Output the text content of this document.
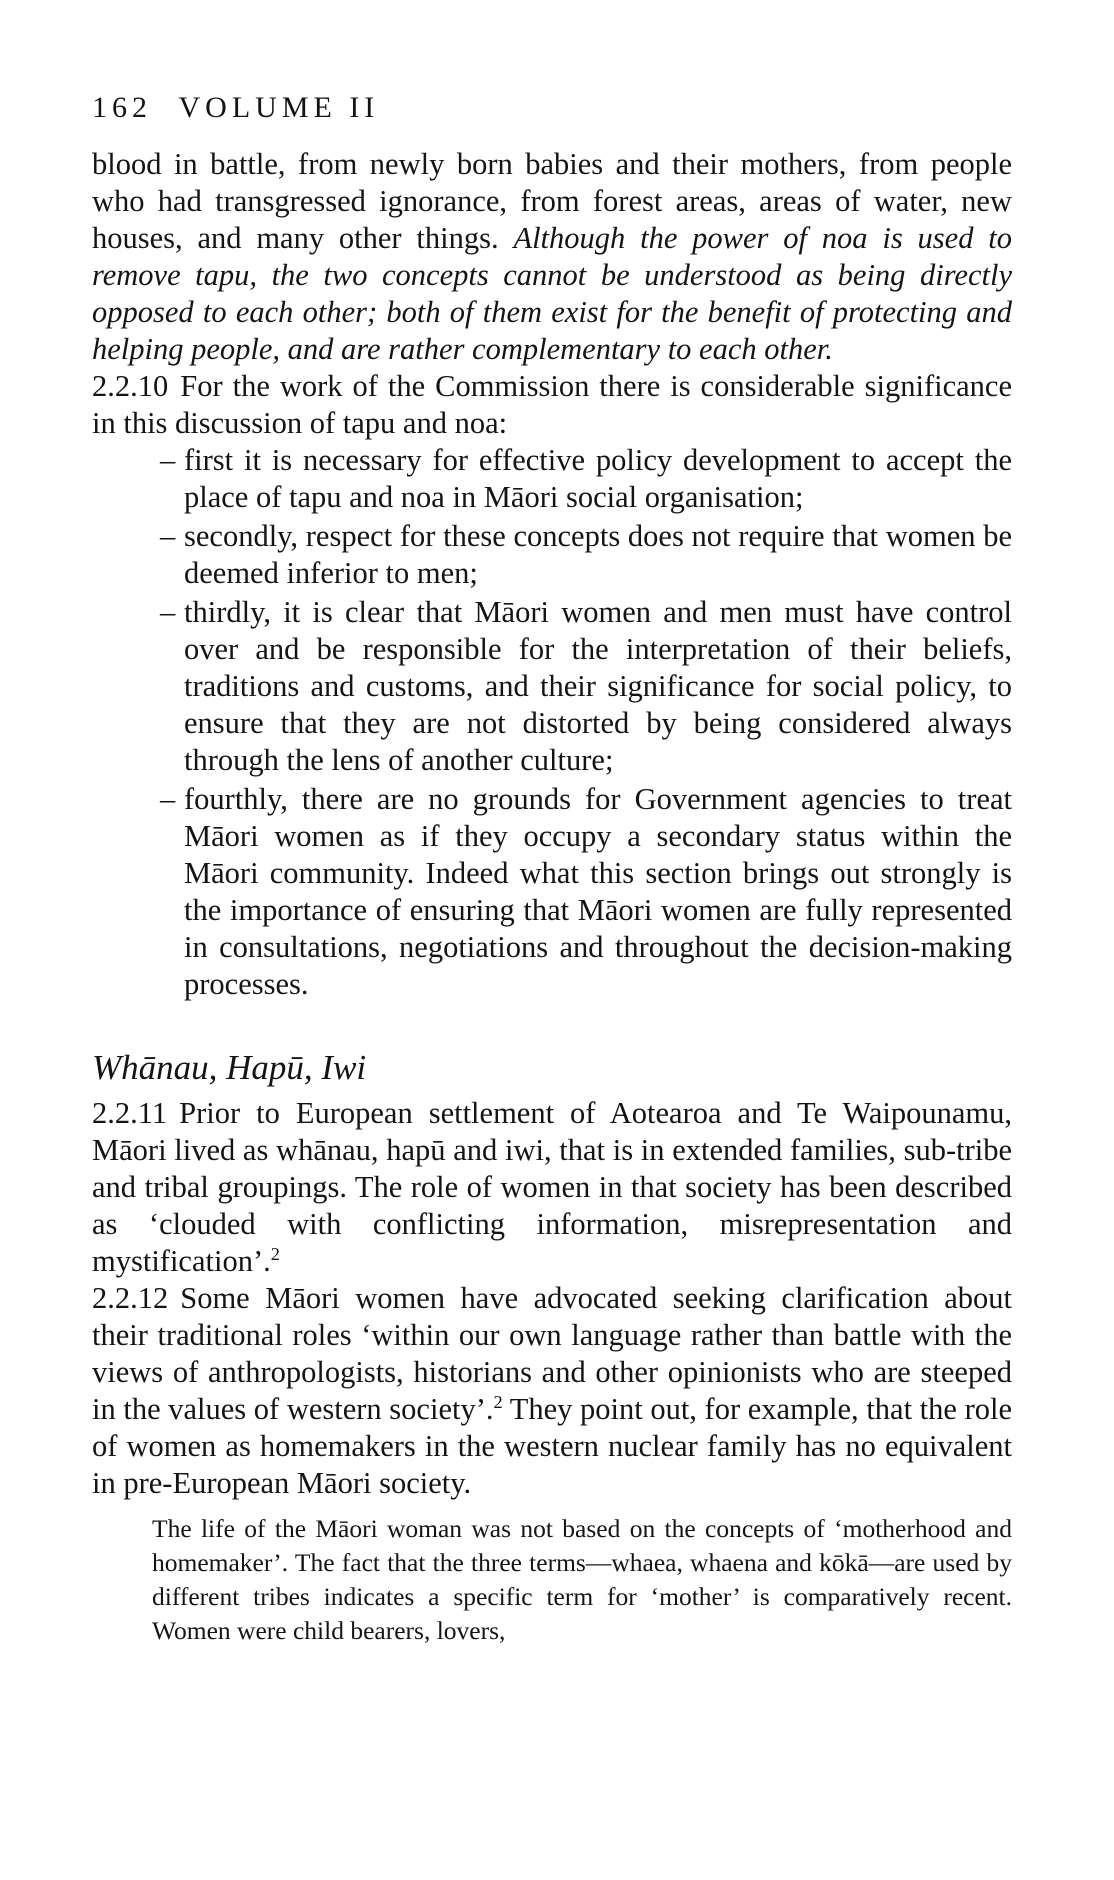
162 VOLUME II

blood in battle, from newly born babies and their mothers, from people who had transgressed ignorance, from forest areas, areas of water, new houses, and many other things. Although the power of noa is used to remove tapu, the two concepts cannot be understood as being directly opposed to each other; both of them exist for the benefit of protecting and helping people, and are rather complementary to each other.

2.2.10 For the work of the Commission there is considerable significance in this discussion of tapu and noa:

– first it is necessary for effective policy development to accept the place of tapu and noa in Māori social organisation;
– secondly, respect for these concepts does not require that women be deemed inferior to men;
– thirdly, it is clear that Māori women and men must have control over and be responsible for the interpretation of their beliefs, traditions and customs, and their significance for social policy, to ensure that they are not distorted by being considered always through the lens of another culture;
– fourthly, there are no grounds for Government agencies to treat Māori women as if they occupy a secondary status within the Māori community. Indeed what this section brings out strongly is the importance of ensuring that Māori women are fully represented in consultations, negotiations and throughout the decision-making processes.
Whānau, Hapū, Iwi

2.2.11 Prior to European settlement of Aotearoa and Te Waipounamu, Māori lived as whānau, hapū and iwi, that is in extended families, sub-tribe and tribal groupings. The role of women in that society has been described as ‘clouded with conflicting information, misrepresentation and mystification’.$^2$

2.2.12 Some Māori women have advocated seeking clarification about their traditional roles ‘within our own language rather than battle with the views of anthropologists, historians and other opinionists who are steeped in the values of western society’.$^2$ They point out, for example, that the role of women as homemakers in the western nuclear family has no equivalent in pre-European Māori society.

The life of the Māori woman was not based on the concepts of ‘motherhood and homemaker’. The fact that the three terms—whaea, whaena and kōkā—are used by different tribes indicates a specific term for ‘mother’ is comparatively recent. Women were child bearers, lovers,
